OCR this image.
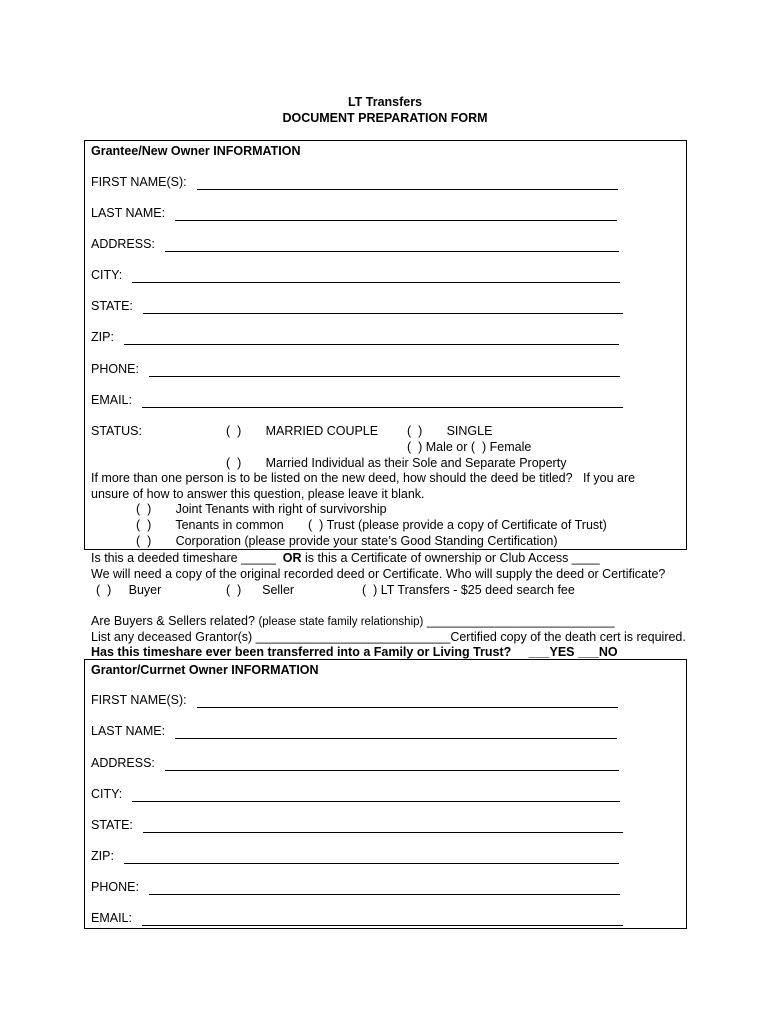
LT Transfers
DOCUMENT PREPARATION FORM
Grantee/New Owner INFORMATION
FIRST NAME(S):
LAST NAME:
ADDRESS:
CITY:
STATE:
ZIP:
PHONE:
EMAIL:
STATUS:	(  )       MARRIED COUPLE (  )       SINGLE
(  ) Male or (  ) Female
(  )       Married Individual as their Sole and Separate Property
If more than one person is to be listed on the new deed, how should the deed be titled?   If you are
unsure of how to answer this question, please leave it blank.
(  )       Joint Tenants with right of survivorship
(  )       Tenants in common       (  ) Trust (please provide a copy of Certificate of Trust)
(  )       Corporation (please provide your state’s Good Standing Certification)
Is this a deeded timeshare _____  OR is this a Certificate of ownership or Club Access ____
We will need a copy of the original recorded deed or Certificate. Who will supply the deed or Certificate?
(  )     Buyer	(  )      Seller	(  ) LT Transfers - $25 deed search fee
Are Buyers & Sellers related? (please state family relationship) ___________________________
List any deceased Grantor(s) ____________________________Certified copy of the death cert is required.
Has this timeshare ever been transferred into a Family or Living Trust?     ___YES ___NO
Grantor/Currnet Owner INFORMATION
FIRST NAME(S):
LAST NAME:
ADDRESS:
CITY:
STATE:
ZIP:
PHONE:
EMAIL:
